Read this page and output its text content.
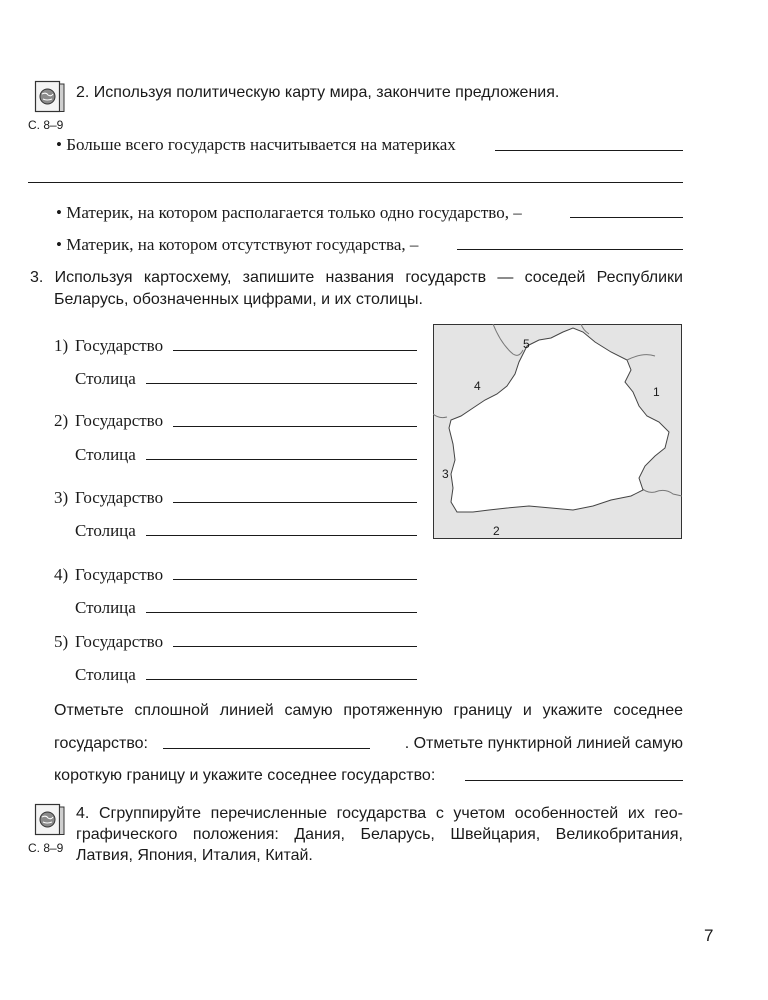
С. 8–9
2. Используя политическую карту мира, закончите предложения.
• Больше всего государств насчитывается на материках
• Материк, на котором располагается только одно государство, –
• Материк, на котором отсутствуют государства, –
3. Используя картосхему, запишите названия государств — соседей Республики
Беларусь, обозначенных цифрами, и их столицы.
1) Государство
Столица
2) Государство
Столица
3) Государство
Столица
4) Государство
Столица
5) Государство
Столица
1
2
3
4
5
Отметьте сплошной линией самую протяженную границу и укажите соседнее
государство:	. Отметьте пунктирной линией самую
короткую границу и укажите соседнее государство:
С. 8–9
4. Сгруппируйте перечисленные государства с учетом особенностей их гео-
графического положения: Дания, Беларусь, Швейцария, Великобритания,
Латвия, Япония, Италия, Китай.
7
